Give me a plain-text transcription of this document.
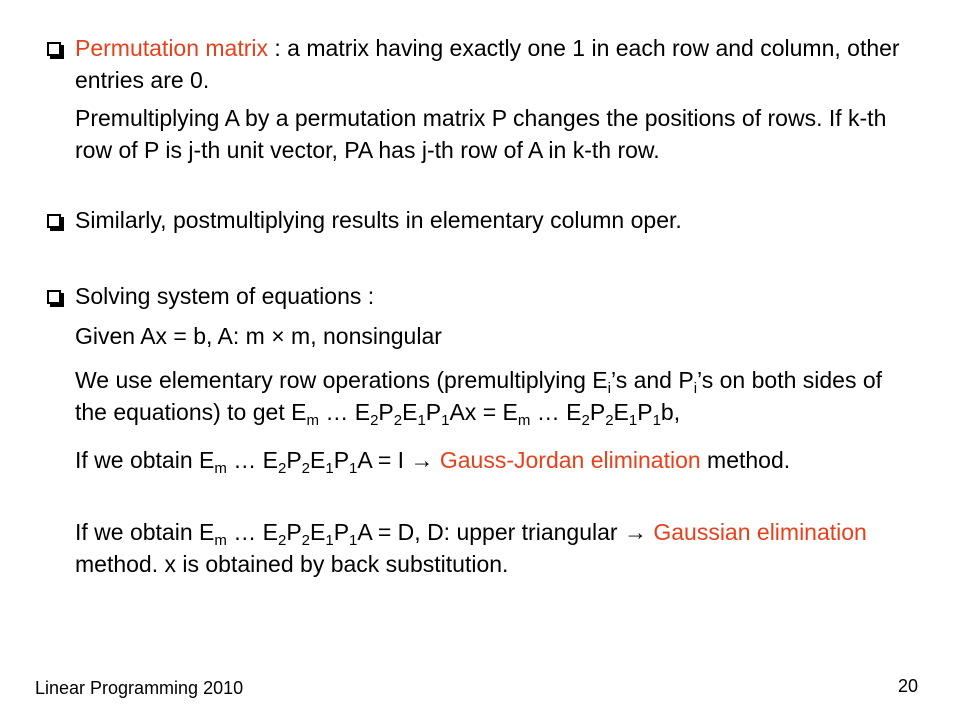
Permutation matrix : a matrix having exactly one 1 in each row and column, other entries are 0.
Premultiplying A by a permutation matrix P changes the positions of rows. If k-th row of P is j-th unit vector, PA has j-th row of A in k-th row.
Similarly, postmultiplying results in elementary column oper.
Solving system of equations :
Given Ax = b, A: m × m, nonsingular
We use elementary row operations (premultiplying $E_i’s$ and $P_i’s$ on both sides of the equations) to get $E_m$ … $E_2P_2E_1P_1Ax = E_m$ … $E_2P_2E_1P_1b$,
If we obtain $E_m$ … $E_2P_2E_1P_1A = I$ → Gauss-Jordan elimination method.
If we obtain $E_m$ … $E_2P_2E_1P_1A = D$, D: upper triangular → Gaussian elimination method. x is obtained by back substitution.
Linear Programming 2010	20
